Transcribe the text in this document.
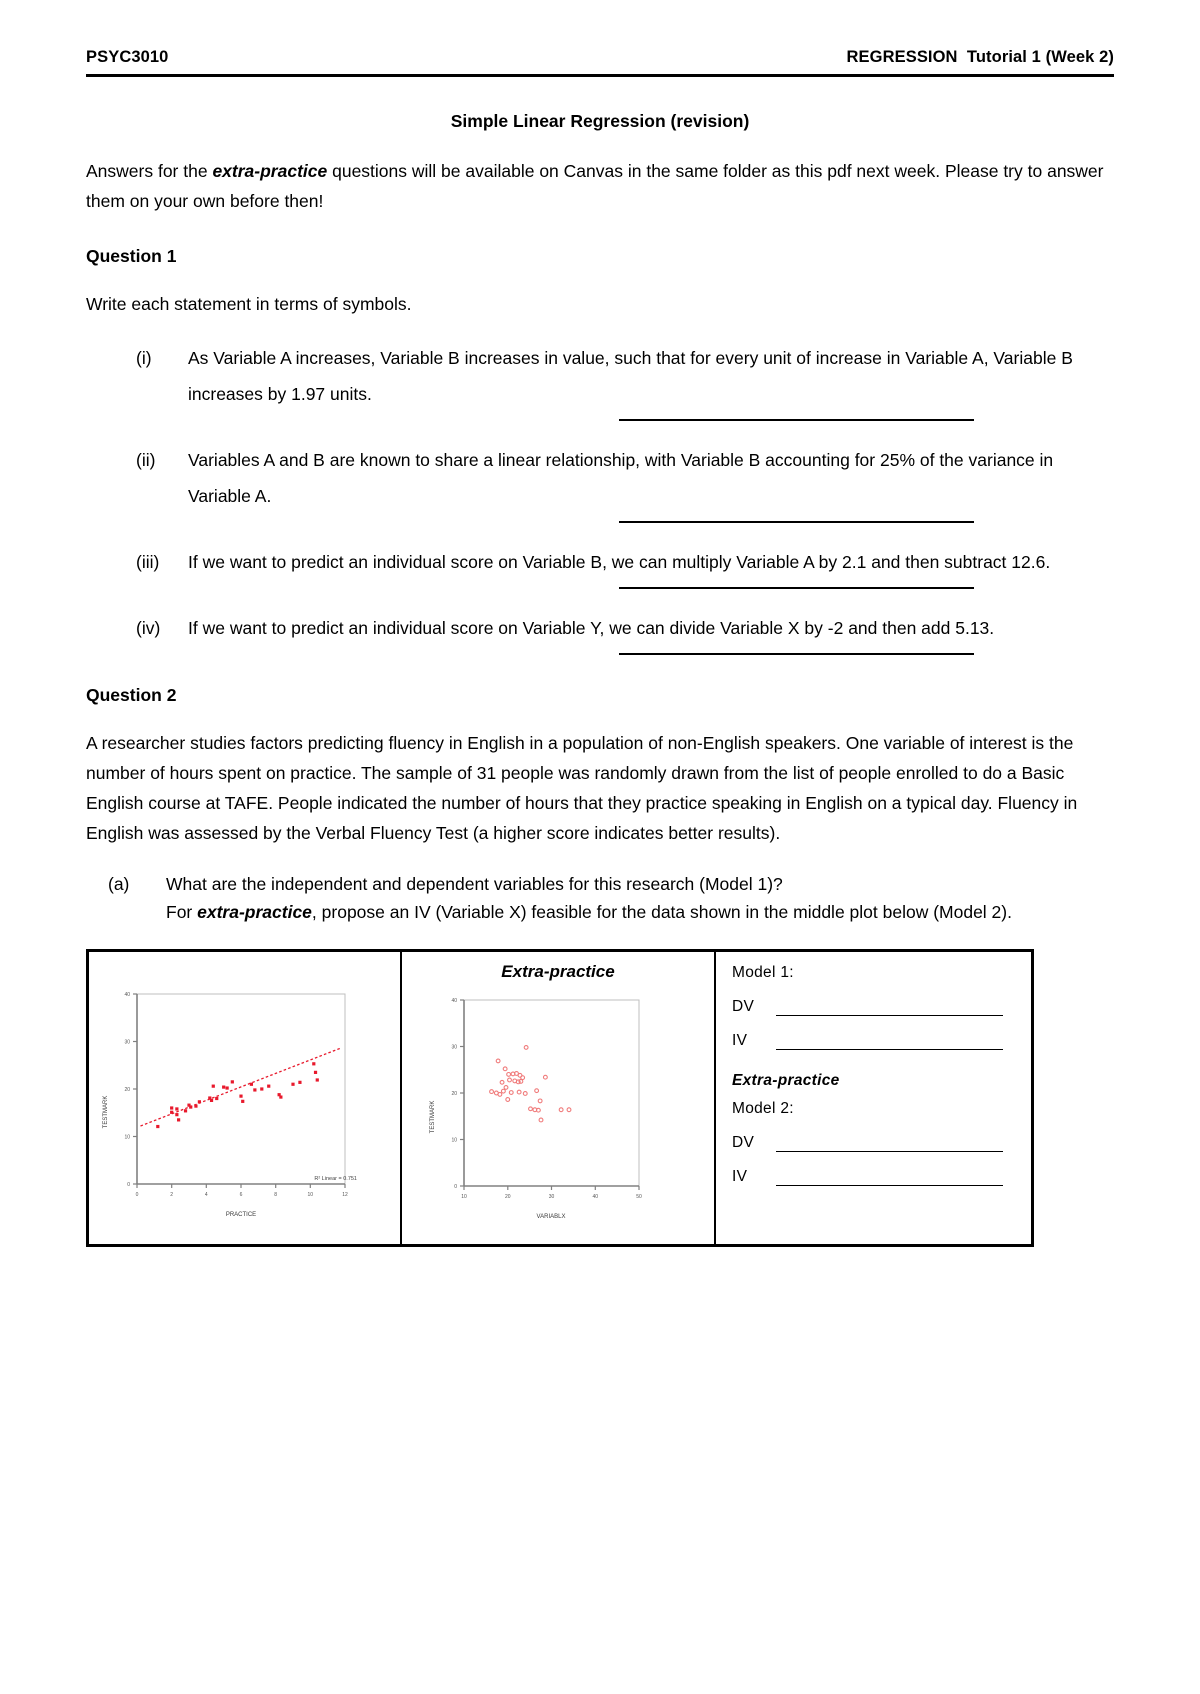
PSYC3010	REGRESSION  Tutorial 1 (Week 2)
Simple Linear Regression (revision)

Answers for the extra-practice questions will be available on Canvas in the same folder as this pdf next week. Please try to answer them on your own before then!

Question 1

Write each statement in terms of symbols.

(i)	As Variable A increases, Variable B increases in value, such that for every unit of increase in Variable A, Variable B increases by 1.97 units.
(ii)	Variables A and B are known to share a linear relationship, with Variable B accounting for 25% of the variance in Variable A.
(iii)	If we want to predict an individual score on Variable B, we can multiply Variable A by 2.1 and then subtract 12.6.
(iv)	If we want to predict an individual score on Variable Y, we can divide Variable X by -2 and then add 5.13.
Question 2

A researcher studies factors predicting fluency in English in a population of non-English speakers. One variable of interest is the number of hours spent on practice. The sample of 31 people was randomly drawn from the list of people enrolled to do a Basic English course at TAFE. People indicated the number of hours that they practice speaking in English on a typical day. Fluency in English was assessed by the Verbal Fluency Test (a higher score indicates better results).

(a)	What are the independent and dependent variables for this research (Model 1)?
For extra-practice, propose an IV (Variable X) feasible for the data shown in the middle plot below (Model 2).
40
30
20
10
0
0	2	4	6	8	10	12
TESTMARK
PRACTICE
R² Linear = 0.751
Extra-practice
40
30
20
10
0
10	20	30	40	50
TESTMARK
VARIABLX
Model 1:
DV
IV
Extra-practice
Model 2:
DV
IV
